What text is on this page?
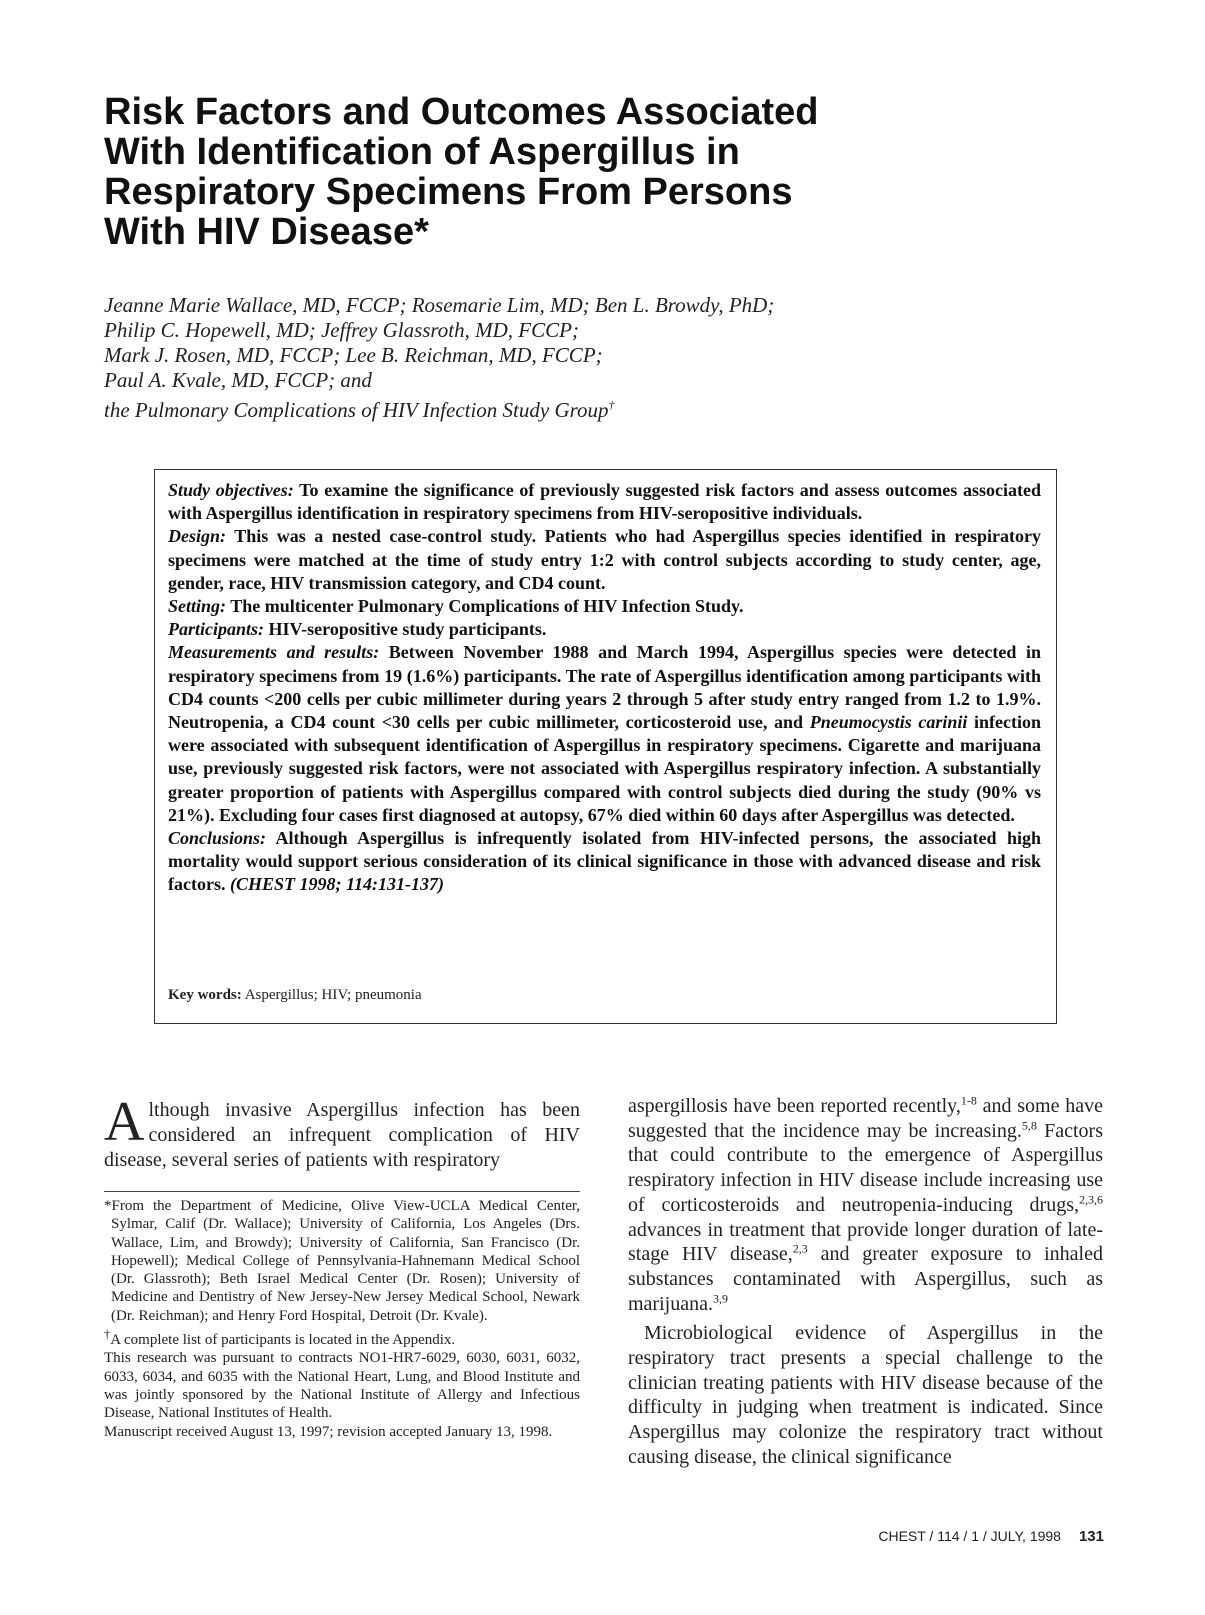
Risk Factors and Outcomes Associated
With Identification of Aspergillus in
Respiratory Specimens From Persons
With HIV Disease*
Jeanne Marie Wallace, MD, FCCP; Rosemarie Lim, MD; Ben L. Browdy, PhD;
Philip C. Hopewell, MD; Jeffrey Glassroth, MD, FCCP;
Mark J. Rosen, MD, FCCP; Lee B. Reichman, MD, FCCP;
Paul A. Kvale, MD, FCCP; and
the Pulmonary Complications of HIV Infection Study Group†

Study objectives: To examine the significance of previously suggested risk factors and assess outcomes associated with Aspergillus identification in respiratory specimens from HIV-seropositive individuals.

Design: This was a nested case-control study. Patients who had Aspergillus species identified in respiratory specimens were matched at the time of study entry 1:2 with control subjects according to study center, age, gender, race, HIV transmission category, and CD4 count.

Setting: The multicenter Pulmonary Complications of HIV Infection Study.

Participants: HIV-seropositive study participants.

Measurements and results: Between November 1988 and March 1994, Aspergillus species were detected in respiratory specimens from 19 (1.6%) participants. The rate of Aspergillus identification among participants with CD4 counts <200 cells per cubic millimeter during years 2 through 5 after study entry ranged from 1.2 to 1.9%. Neutropenia, a CD4 count <30 cells per cubic millimeter, corticosteroid use, and Pneumocystis carinii infection were associated with subsequent identification of Aspergillus in respiratory specimens. Cigarette and marijuana use, previously suggested risk factors, were not associated with Aspergillus respiratory infection. A substantially greater proportion of patients with Aspergillus compared with control subjects died during the study (90% vs 21%). Excluding four cases first diagnosed at autopsy, 67% died within 60 days after Aspergillus was detected.

Conclusions: Although Aspergillus is infrequently isolated from HIV-infected persons, the associated high mortality would support serious consideration of its clinical significance in those with advanced disease and risk factors. (CHEST 1998; 114:131-137)

Key words: Aspergillus; HIV; pneumonia

Although invasive Aspergillus infection has been considered an infrequent complication of HIV disease, several series of patients with respiratory

*From the Department of Medicine, Olive View-UCLA Medical Center, Sylmar, Calif (Dr. Wallace); University of California, Los Angeles (Drs. Wallace, Lim, and Browdy); University of California, San Francisco (Dr. Hopewell); Medical College of Pennsylvania-Hahnemann Medical School (Dr. Glassroth); Beth Israel Medical Center (Dr. Rosen); University of Medicine and Dentistry of New Jersey-New Jersey Medical School, Newark (Dr. Reichman); and Henry Ford Hospital, Detroit (Dr. Kvale).

†A complete list of participants is located in the Appendix.

This research was pursuant to contracts NO1-HR7-6029, 6030, 6031, 6032, 6033, 6034, and 6035 with the National Heart, Lung, and Blood Institute and was jointly sponsored by the National Institute of Allergy and Infectious Disease, National Institutes of Health.

Manuscript received August 13, 1997; revision accepted January 13, 1998.

aspergillosis have been reported recently,$^{1-8}$ and some have suggested that the incidence may be increasing.$^{5,8}$ Factors that could contribute to the emergence of Aspergillus respiratory infection in HIV disease include increasing use of corticosteroids and neutropenia-inducing drugs,$^{2,3,6}$ advances in treatment that provide longer duration of late-stage HIV disease,$^{2,3}$ and greater exposure to inhaled substances contaminated with Aspergillus, such as marijuana.$^{3,9}$

Microbiological evidence of Aspergillus in the respiratory tract presents a special challenge to the clinician treating patients with HIV disease because of the difficulty in judging when treatment is indicated. Since Aspergillus may colonize the respiratory tract without causing disease, the clinical significance

CHEST / 114 / 1 / JULY, 1998 131
